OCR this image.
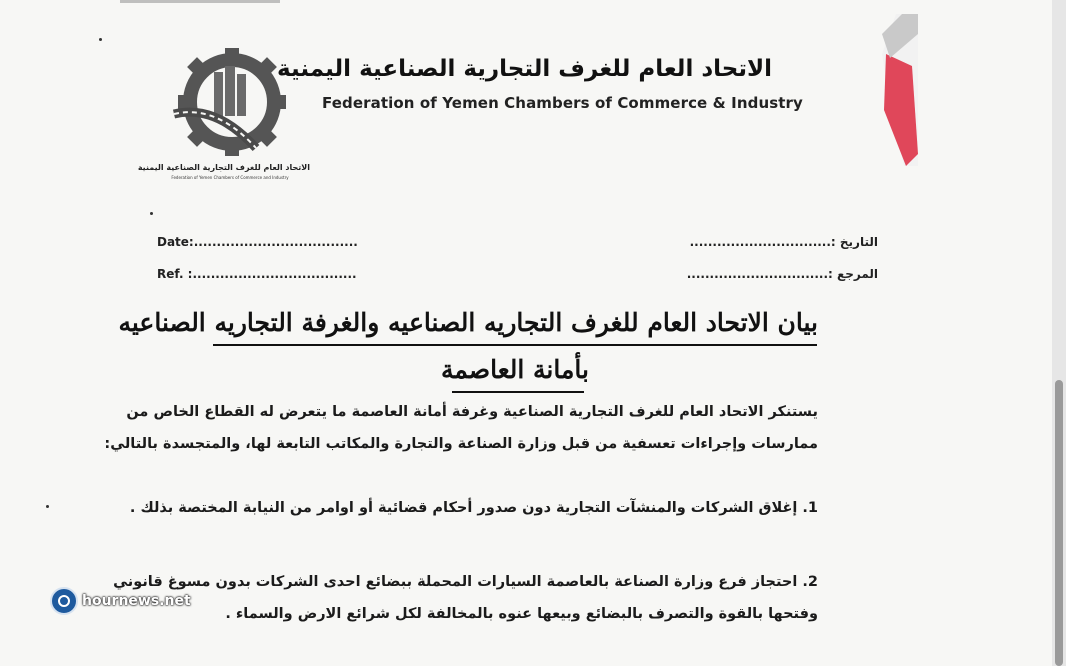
الاتحاد العام للغرف التجارية الصناعية اليمنية
Federation of Yemen Chambers of Commerce and Industry
الاتحاد العام للغرف التجارية الصناعية اليمنية
Federation of Yemen Chambers of Commerce & Industry
Date:....................................
Ref. :....................................
التاريخ :...............................
المرجع :...............................
بيان الاتحاد العام للغرف التجاريه الصناعيه والغرفة التجاريه الصناعيه
بأمانة العاصمة
يستنكر الاتحاد العام للغرف التجارية الصناعية وغرفة أمانة العاصمة ما يتعرض له القطاع الخاص من ممارسات وإجراءات تعسفية من قبل وزارة الصناعة والتجارة والمكاتب التابعة لها، والمتجسدة بالتالي:
1. إغلاق الشركات والمنشآت التجارية دون صدور أحكام قضائية أو اوامر من النيابة المختصة بذلك .
2. احتجاز فرع وزارة الصناعة بالعاصمة السيارات المحملة ببضائع احدى الشركات بدون مسوغ قانوني وفتحها بالقوة والتصرف بالبضائع وبيعها عنوه بالمخالفة لكل شرائع الارض والسماء .
hournews.net
